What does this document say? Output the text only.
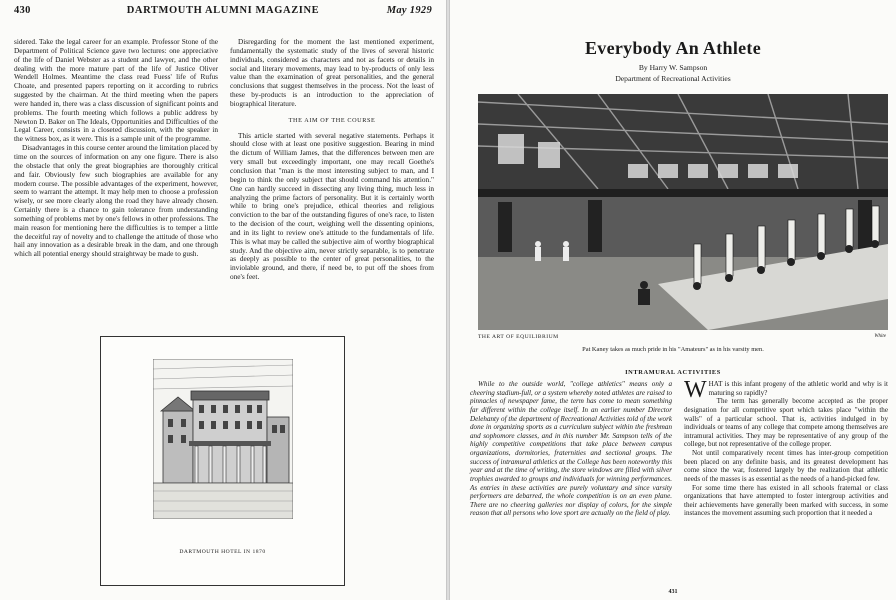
430	DARTMOUTH ALUMNI MAGAZINE	May 1929

sidered. Take the legal career for an example. Professor Stone of the Department of Political Science gave two lectures: one appreciative of the life of Daniel Webster as a student and lawyer, and the other dealing with the more mature part of the life of Justice Oliver Wendell Holmes. Meantime the class read Fuess' life of Rufus Choate, and presented papers reporting on it according to rubrics suggested by the chairman. At the third meeting when the papers were handed in, there was a class discussion of significant points and problems. The fourth meeting which follows a public address by Newton D. Baker on The Ideals, Opportunities and Difficulties of the Legal Career, consists in a closeted discussion, with the speaker in the witness box, as it were. This is a sample unit of the programme.

Disadvantages in this course center around the limitation placed by time on the sources of information on any one figure. There is also the obstacle that only the great biographies are thoroughly critical and fair. Obviously few such biographies are available for any modern course. The possible advantages of the experiment, however, seem to warrant the attempt. It may help men to choose a profession wisely, or see more clearly along the road they have already chosen. Certainly there is a chance to gain tolerance from understanding something of problems met by one's fellows in other professions. The main reason for mentioning here the difficulties is to temper a little the deceitful ray of novelty and to challenge the attitude of those who hail any innovation as a desirable break in the dam, and one through which all potential energy should straightway be made to gush.

Disregarding for the moment the last mentioned experiment, fundamentally the systematic study of the lives of several historic individuals, considered as characters and not as facets or details in social and literary movements, may lead to by-products of only less value than the examination of great personalities, and the general conclusions that suggest themselves in the process. Not the least of these by-products is an introduction to the appreciation of biographical literature.

THE AIM OF THE COURSE

This article started with several negative statements. Perhaps it should close with at least one positive suggestion. Bearing in mind the dictum of William James, that the differences between men are very small but exceedingly important, one may recall Goethe's conclusion that "man is the most interesting subject to man, and I begin to think the only subject that should command his attention." One can hardly succeed in dissecting any living thing, much less in analyzing the prime factors of personality. But it is certainly worth while to bring one's prejudice, ethical theories and religious conviction to the bar of the outstanding figures of one's race, to listen to the decision of the court, weighing well the dissenting opinions, and in its light to review one's attitude to the fundamentals of life. This is what may be called the subjective aim of worthy biographical study. And the objective aim, never strictly separable, is to penetrate as deeply as possible to the center of great personalities, to the inviolable ground, and there, if need be, to put off the shoes from one's feet.

DARTMOUTH HOTEL IN 1870
Everybody An Athlete
By Harry W. Sampson
Department of Recreational Activities
THE ART OF EQUILIBRIUM	White
Pat Kaney takes as much pride in his "Amateurs" as in his varsity men.
INTRAMURAL ACTIVITIES

While to the outside world, "college athletics" means only a cheering stadium-full, or a system whereby noted athletes are raised to pinnacles of newspaper fame, the term has come to mean something far different within the college itself. In an earlier number Director Delehanty of the department of Recreational Activities told of the work done in organizing sports as a curriculum subject within the freshman and sophomore classes, and in this number Mr. Sampson tells of the highly competitive competitions that take place between campus organizations, dormitories, fraternities and sectional groups. The success of intramural athletics at the College has been noteworthy this year and at the time of writing, the store windows are filled with silver trophies awarded to groups and individuals for winning performances. As entries in these activities are purely voluntary and since varsity performers are debarred, the whole competition is on an even plane. There are no cheering galleries nor display of colors, for the simple reason that all persons who love sport are actually on the field of play.

WHAT is this infant progeny of the athletic world and why is it maturing so rapidly?

The term has generally become accepted as the proper designation for all competitive sport which takes place "within the walls" of a particular school. That is, activities indulged in by individuals or teams of any college that compete among themselves are intramural activities. They may be representative of any group of the college, but not representative of the college proper.

Not until comparatively recent times has inter-group competition been placed on any definite basis, and its greatest development has come since the war, fostered largely by the realization that athletic needs of the masses is as essential as the needs of a hand-picked few.

For some time there has existed in all schools fraternal or class organizations that have attempted to foster intergroup activities and their achievements have generally been marked with success, in some instances the movement assuming such proportion that it needed a

431
